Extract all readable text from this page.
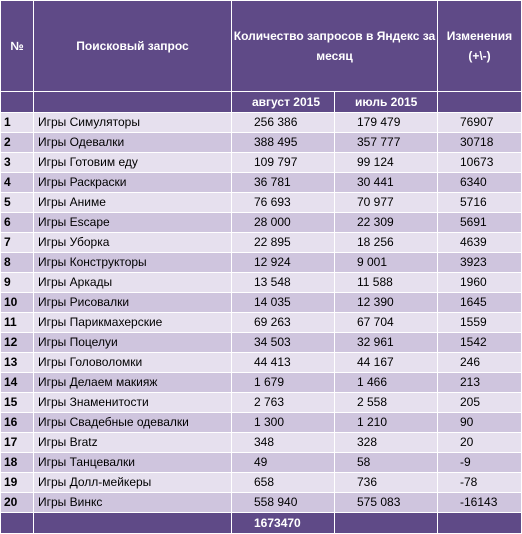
№	Поисковый запрос	Количество запросов в Яндекс за месяц		Изменения (+\-)
		август 2015	июль 2015	
1	Игры Симуляторы	256 386	179 479	76907
2	Игры Одевалки	388 495	357 777	30718
3	Игры Готовим еду	109 797	99 124	10673
4	Игры Раскраски	36 781	30 441	6340
5	Игры Аниме	76 693	70 977	5716
6	Игры Escape	28 000	22 309	5691
7	Игры Уборка	22 895	18 256	4639
8	Игры Конструкторы	12 924	9 001	3923
9	Игры Аркады	13 548	11 588	1960
10	Игры Рисовалки	14 035	12 390	1645
11	Игры Парикмахерские	69 263	67 704	1559
12	Игры Поцелуи	34 503	32 961	1542
13	Игры Головоломки	44 413	44 167	246
14	Игры Делаем макияж	1 679	1 466	213
15	Игры Знаменитости	2 763	2 558	205
16	Игры Свадебные одевалки	1 300	1 210	90
17	Игры Bratz	348	328	20
18	Игры Танцевалки	49	58	-9
19	Игры Долл-мейкеры	658	736	-78
20	Игры Винкс	558 940	575 083	-16143
		1673470		
